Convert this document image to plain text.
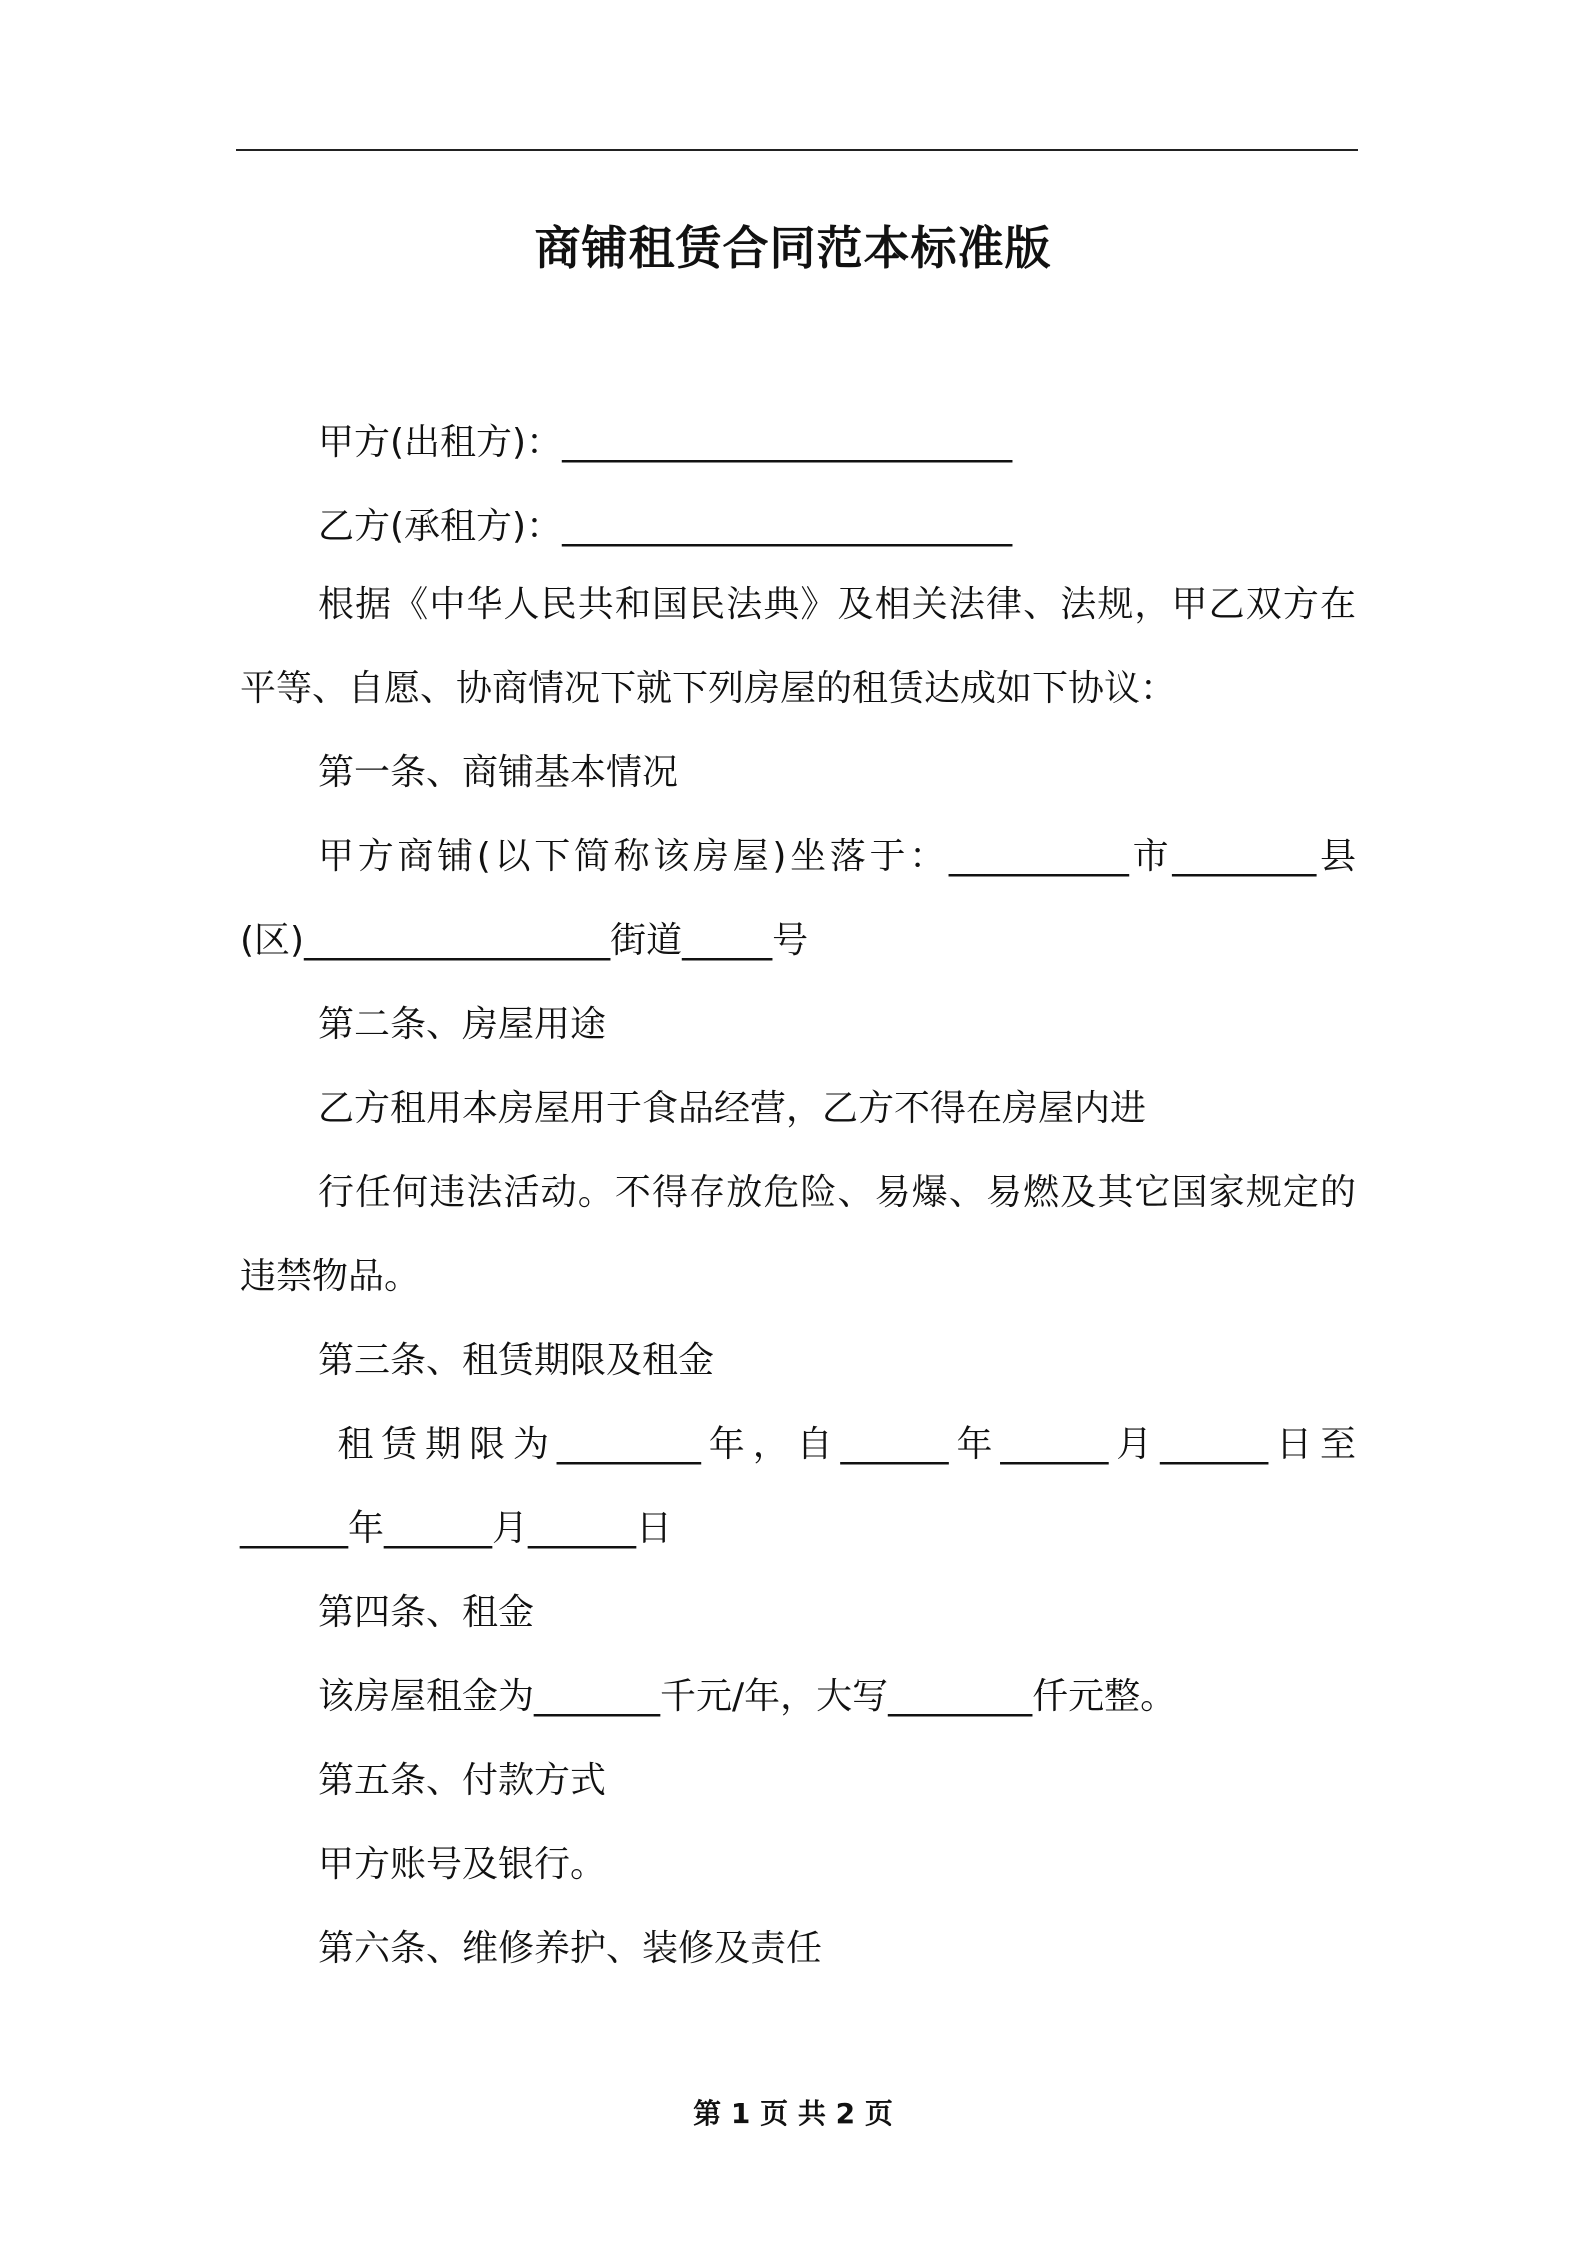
商铺租赁合同范本标准版
甲方(出租方)：_________________________
乙方(承租方)：_________________________
根据《中华人民共和国民法典》及相关法律、法规，甲乙双方在
平等、自愿、协商情况下就下列房屋的租赁达成如下协议：
第一条、商铺基本情况
甲方商铺(以下简称该房屋)坐落于：__________市________县
(区)_________________街道_____号
第二条、房屋用途
乙方租用本房屋用于食品经营，乙方不得在房屋内进
行任何违法活动。不得存放危险、易爆、易燃及其它国家规定的
违禁物品。
第三条、租赁期限及租金
租赁期限为________年，自______年______月______日至
______年______月______日
第四条、租金
该房屋租金为_______千元/年，大写________仟元整。
第五条、付款方式
甲方账号及银行。
第六条、维修养护、装修及责任
第 1 页 共 2 页
